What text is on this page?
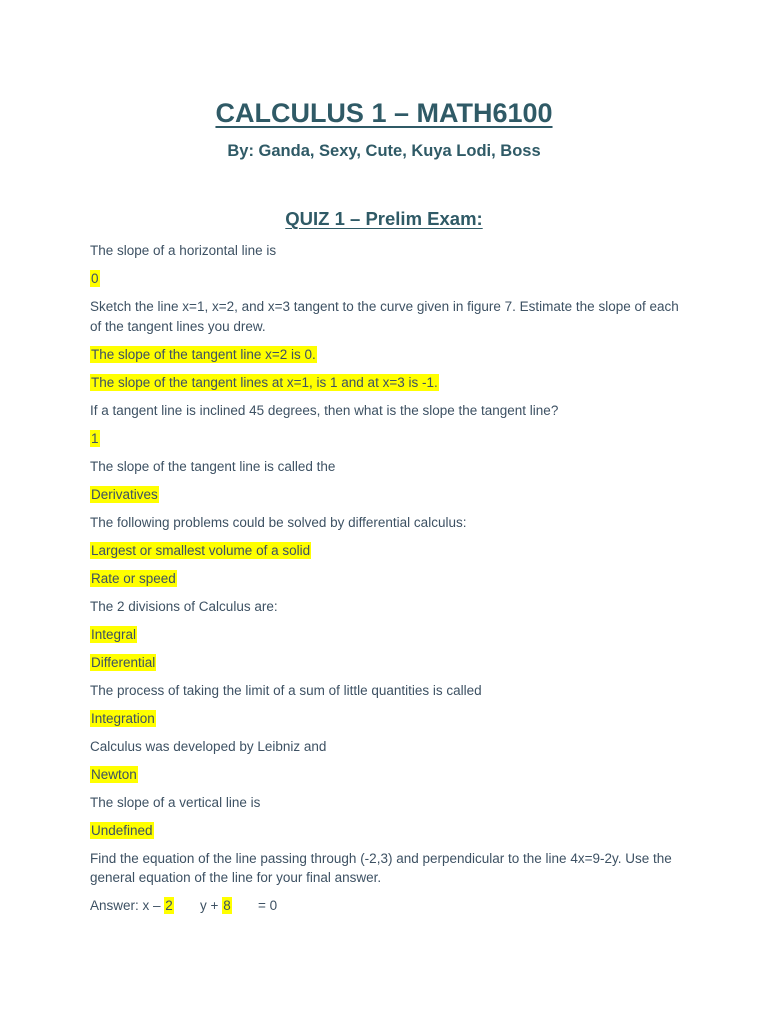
CALCULUS 1 – MATH6100

By: Ganda, Sexy, Cute, Kuya Lodi, Boss

QUIZ 1 – Prelim Exam:

The slope of a horizontal line is

0

Sketch the line x=1, x=2, and x=3 tangent to the curve given in figure 7. Estimate the slope of each of the tangent lines you drew.

The slope of the tangent line x=2 is 0.

The slope of the tangent lines at x=1, is 1 and at x=3 is -1.

If a tangent line is inclined 45 degrees, then what is the slope the tangent line?

1

The slope of the tangent line is called the

Derivatives

The following problems could be solved by differential calculus:

Largest or smallest volume of a solid

Rate or speed

The 2 divisions of Calculus are:

Integral

Differential

The process of taking the limit of a sum of little quantities is called

Integration

Calculus was developed by Leibniz and

Newton

The slope of a vertical line is

Undefined

Find the equation of the line passing through (-2,3) and perpendicular to the line 4x=9-2y. Use the general equation of the line for your final answer.

Answer: x – 2       y + 8       = 0
